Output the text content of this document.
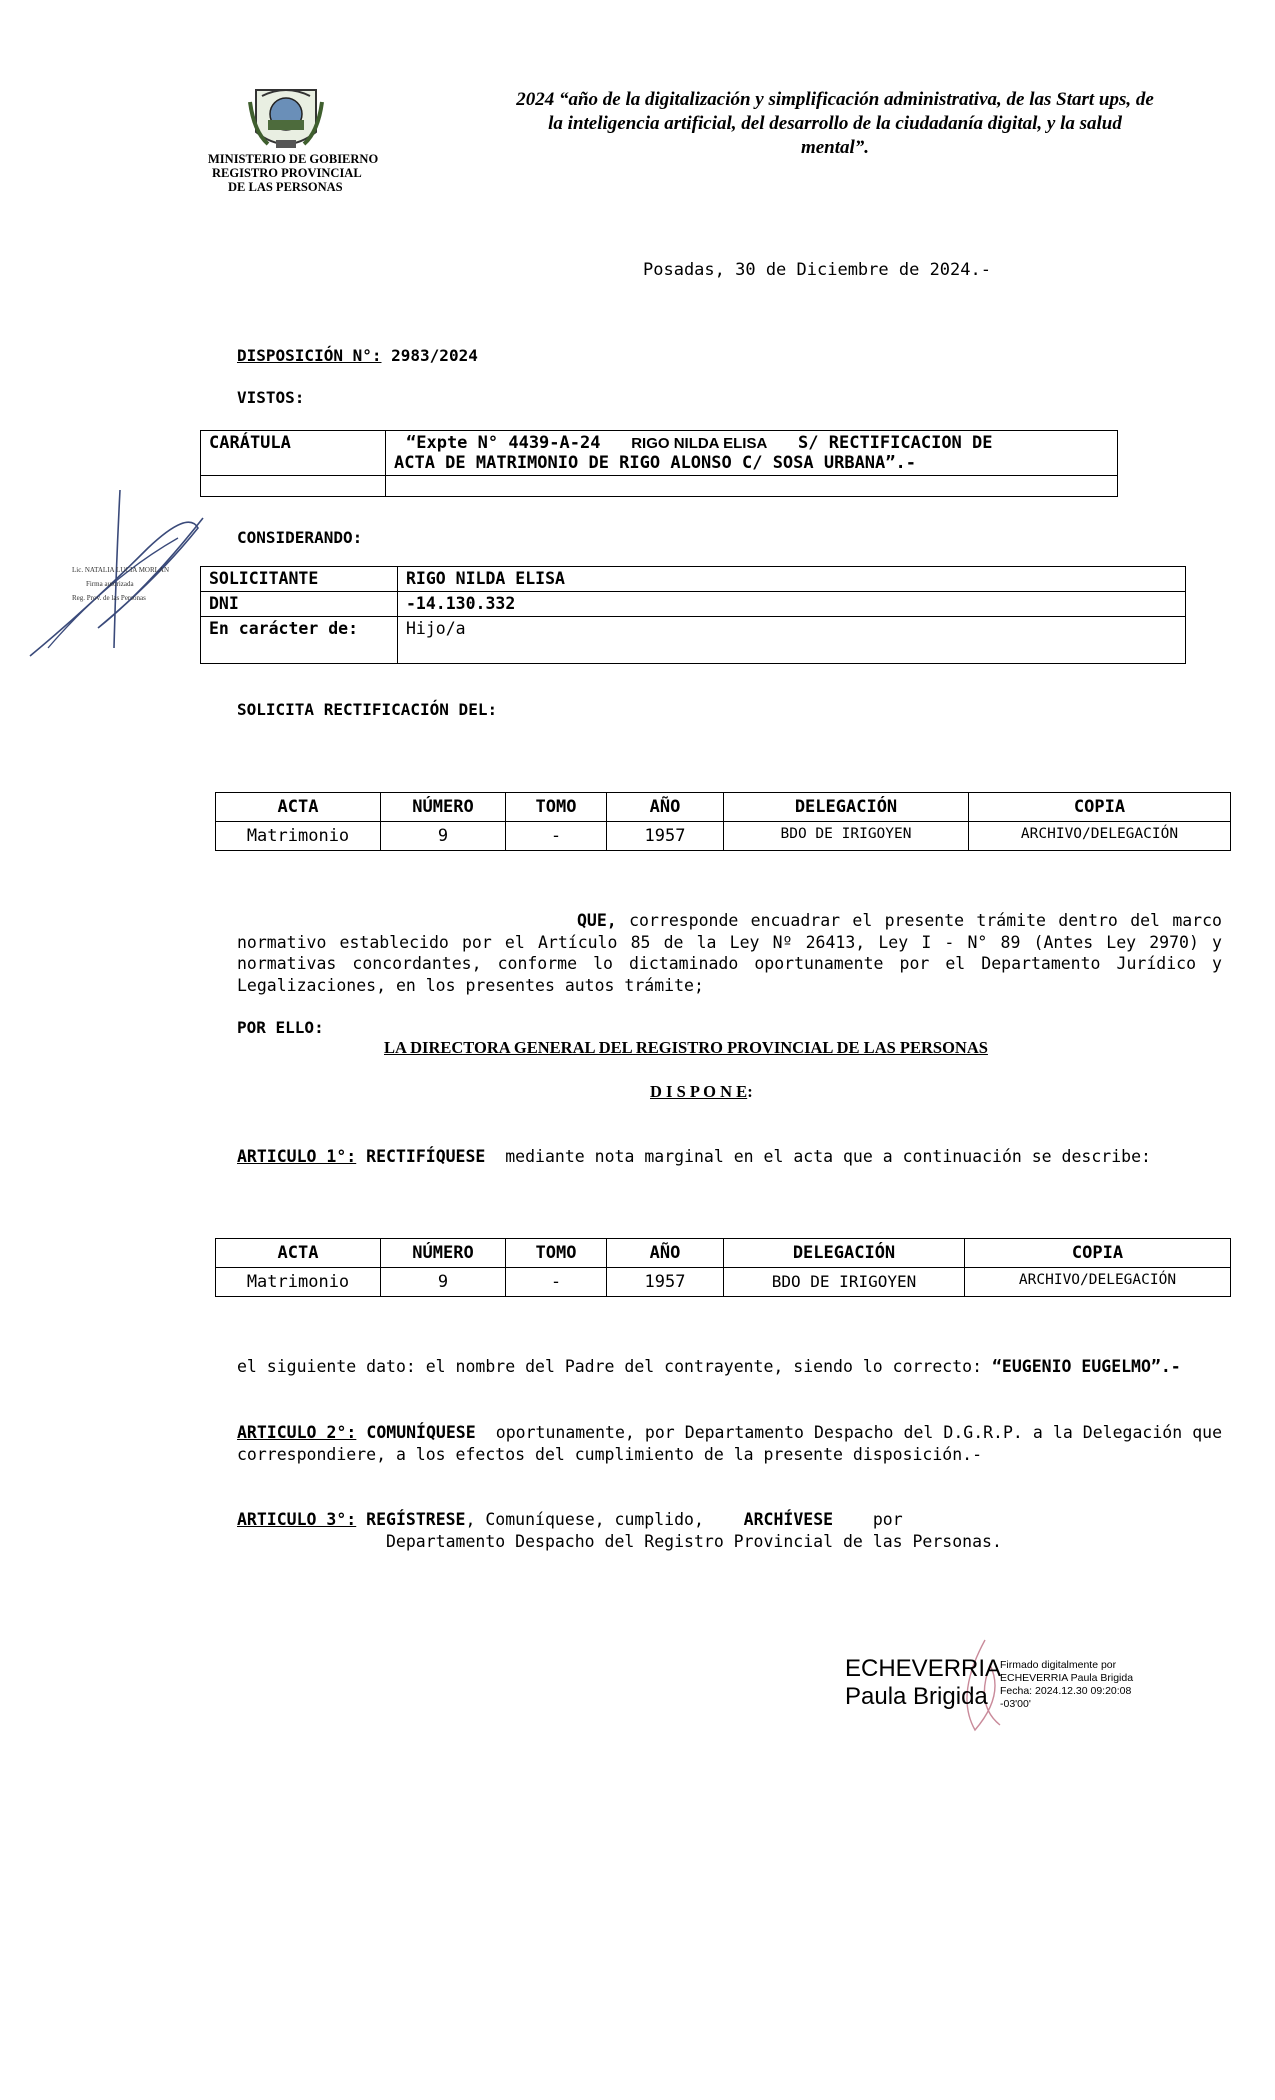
MINISTERIO DE GOBIERNO
REGISTRO PROVINCIAL
DE LAS PERSONAS
2024 “año de la digitalización y simplificación administrativa, de las Start ups, de la inteligencia artificial, del desarrollo de la ciudadanía digital, y la salud mental”.
Posadas, 30 de Diciembre de 2024.-
DISPOSICIÓN N°: 2983/2024
VISTOS:
CARÁTULA	“Expte N° 4439-A-24 RIGO NILDA ELISA S/ RECTIFICACION DE
ACTA DE MATRIMONIO DE RIGO ALONSO C/ SOSA URBANA”.-

Lic. NATALIA LUCIA MORLAN
Firma autorizada
Reg. Prov. de las Personas
CONSIDERANDO:
SOLICITANTE	RIGO NILDA ELISA
DNI	-14.130.332
En carácter de:	Hijo/a
SOLICITA RECTIFICACIÓN DEL:
ACTA	NÚMERO	TOMO	AÑO	DELEGACIÓN	COPIA
Matrimonio	9	-	1957	BDO DE IRIGOYEN	ARCHIVO/DELEGACIÓN
QUE, corresponde encuadrar el presente trámite dentro del marco normativo establecido por el Artículo 85 de la Ley Nº 26413, Ley I - N° 89 (Antes Ley 2970) y normativas concordantes, conforme lo dictaminado oportunamente por el Departamento Jurídico y Legalizaciones, en los presentes autos trámite;
POR ELLO:
LA DIRECTORA GENERAL DEL REGISTRO PROVINCIAL DE LAS PERSONAS
D I S P O N E:
ARTICULO 1°: RECTIFÍQUESE mediante nota marginal en el acta que a continuación se describe:
ACTA	NÚMERO	TOMO	AÑO	DELEGACIÓN	COPIA
Matrimonio	9	-	1957	BDO DE IRIGOYEN	ARCHIVO/DELEGACIÓN
el siguiente dato: el nombre del Padre del contrayente, siendo lo correcto: “EUGENIO EUGELMO”.-
ARTICULO 2°: COMUNÍQUESE oportunamente, por Departamento Despacho del D.G.R.P. a la Delegación que correspondiere, a los efectos del cumplimiento de la presente disposición.-
ARTICULO 3°: REGÍSTRESE, Comuníquese, cumplido, ARCHÍVESE por
Departamento Despacho del Registro Provincial de las Personas.
ECHEVERRIA
Paula Brigida
Firmado digitalmente por
ECHEVERRIA Paula Brigida
Fecha: 2024.12.30 09:20:08
-03'00'
